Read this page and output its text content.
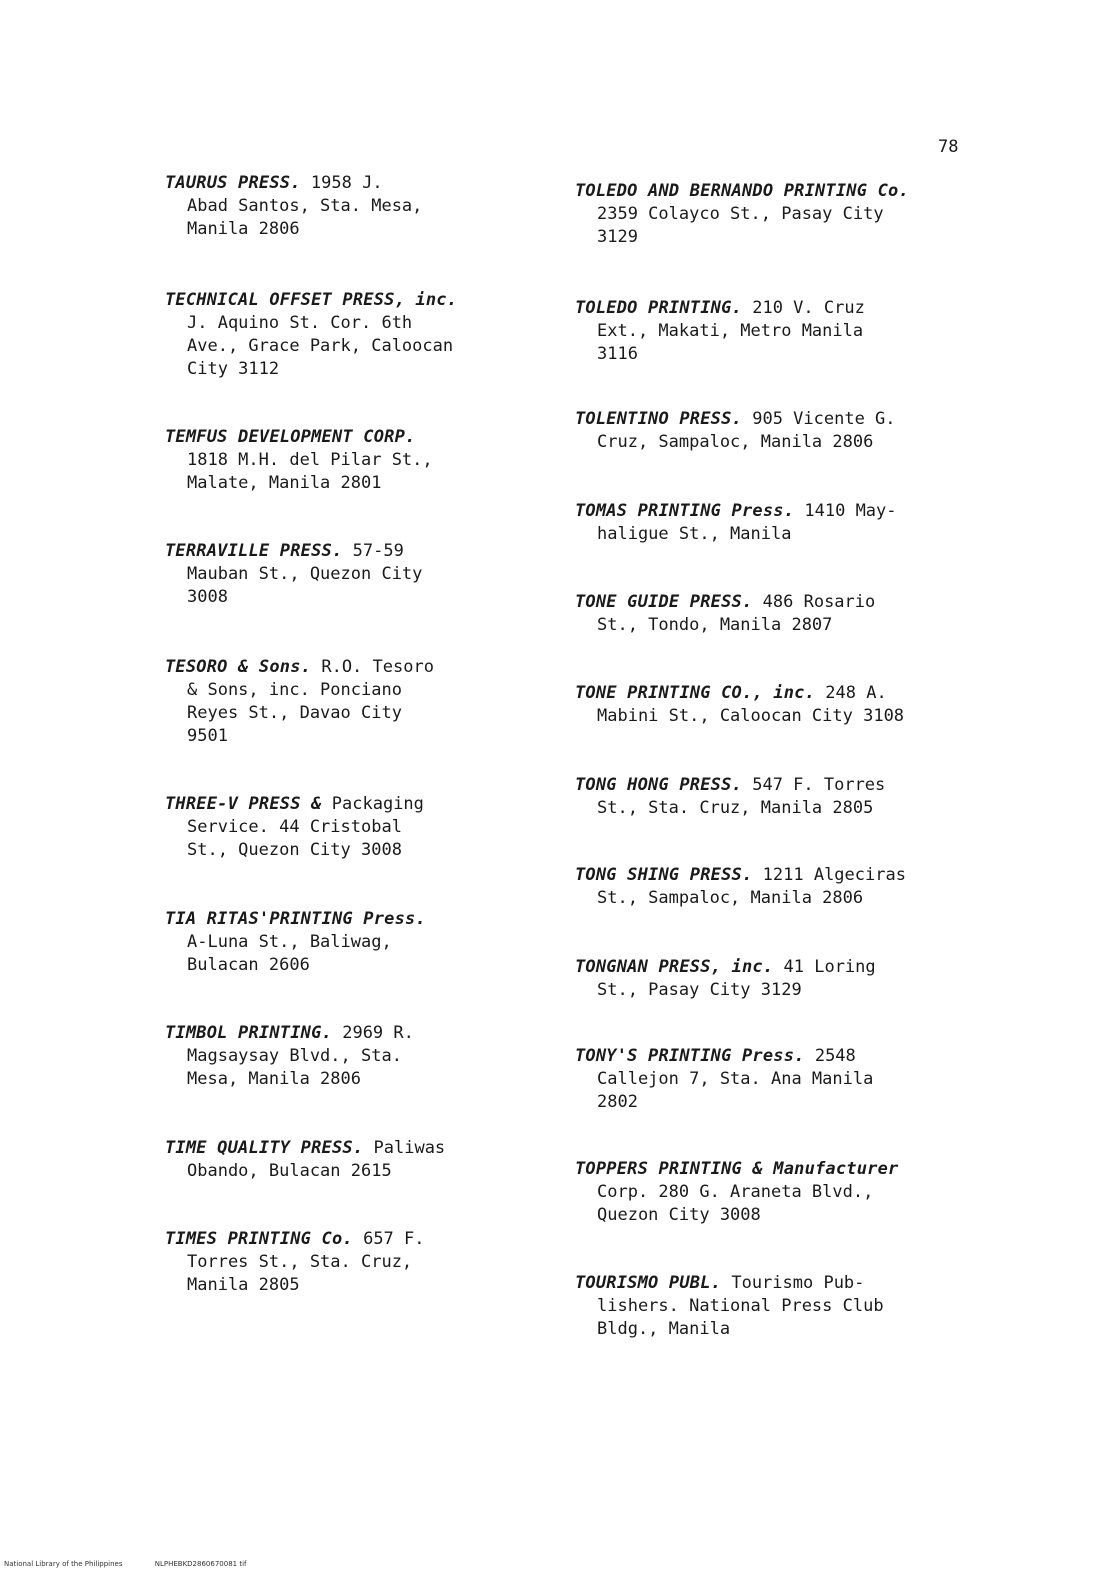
78
TAURUS PRESS. 1958 J.
Abad Santos, Sta. Mesa,
Manila 2806
TECHNICAL OFFSET PRESS, inc.
J. Aquino St. Cor. 6th
Ave., Grace Park, Caloocan
City 3112
TEMFUS DEVELOPMENT CORP.
1818 M.H. del Pilar St.,
Malate, Manila 2801
TERRAVILLE PRESS. 57-59
Mauban St., Quezon City
3008
TESORO & Sons. R.O. Tesoro
& Sons, inc. Ponciano
Reyes St., Davao City
9501
THREE-V PRESS & Packaging
Service. 44 Cristobal
St., Quezon City 3008
TIA RITAS'PRINTING Press.
A-Luna St., Baliwag,
Bulacan 2606
TIMBOL PRINTING. 2969 R.
Magsaysay Blvd., Sta.
Mesa, Manila 2806
TIME QUALITY PRESS. Paliwas
Obando, Bulacan 2615
TIMES PRINTING Co. 657 F.
Torres St., Sta. Cruz,
Manila 2805
TOLEDO AND BERNANDO PRINTING Co.
2359 Colayco St., Pasay City
3129
TOLEDO PRINTING. 210 V. Cruz
Ext., Makati, Metro Manila
3116
TOLENTINO PRESS. 905 Vicente G.
Cruz, Sampaloc, Manila 2806
TOMAS PRINTING Press. 1410 May-
haligue St., Manila
TONE GUIDE PRESS. 486 Rosario
St., Tondo, Manila 2807
TONE PRINTING CO., inc. 248 A.
Mabini St., Caloocan City 3108
TONG HONG PRESS. 547 F. Torres
St., Sta. Cruz, Manila 2805
TONG SHING PRESS. 1211 Algeciras
St., Sampaloc, Manila 2806
TONGNAN PRESS, inc. 41 Loring
St., Pasay City 3129
TONY'S PRINTING Press. 2548
Callejon 7, Sta. Ana Manila
2802
TOPPERS PRINTING & Manufacturer
Corp. 280 G. Araneta Blvd.,
Quezon City 3008
TOURISMO PUBL. Tourismo Pub-
lishers. National Press Club
Bldg., Manila
National Library of the Philippines	NLPHEBKD2860670081 tif
